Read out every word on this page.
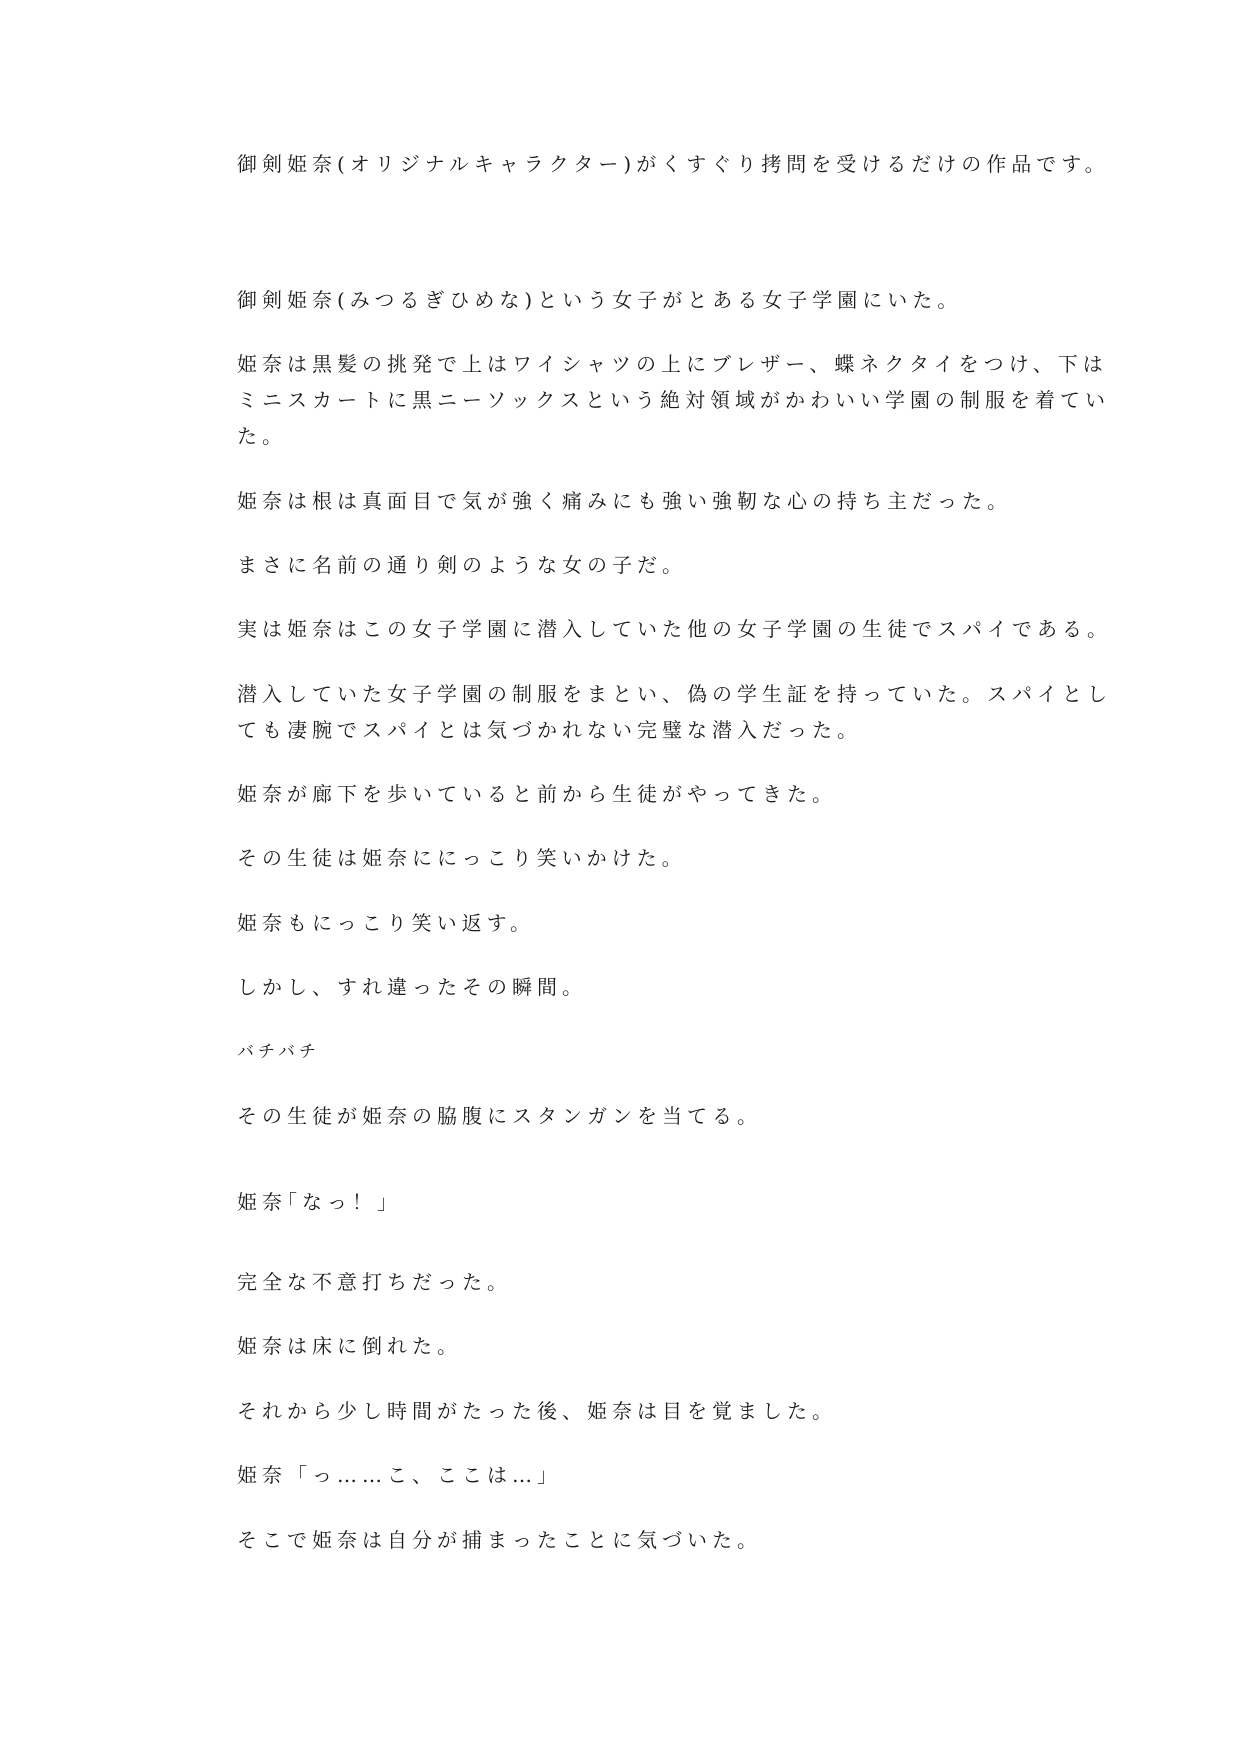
御剣姫奈(オリジナルキャラクター)がくすぐり拷問を受けるだけの作品です。
御剣姫奈(みつるぎひめな)という女子がとある女子学園にいた。
姫奈は黒髪の挑発で上はワイシャツの上にブレザー、蝶ネクタイをつけ、下は
ミニスカートに黒ニーソックスという絶対領域がかわいい学園の制服を着てい
た。
姫奈は根は真面目で気が強く痛みにも強い強靭な心の持ち主だった。
まさに名前の通り剣のような女の子だ。
実は姫奈はこの女子学園に潜入していた他の女子学園の生徒でスパイである。
潜入していた女子学園の制服をまとい、偽の学生証を持っていた。スパイとし
ても凄腕でスパイとは気づかれない完璧な潜入だった。
姫奈が廊下を歩いていると前から生徒がやってきた。
その生徒は姫奈ににっこり笑いかけた。
姫奈もにっこり笑い返す。
しかし、すれ違ったその瞬間。
バチバチ
その生徒が姫奈の脇腹にスタンガンを当てる。
姫奈｢なっ！｣
完全な不意打ちだった。
姫奈は床に倒れた。
それから少し時間がたった後、姫奈は目を覚ました。
姫奈「っ……こ、ここは…」
そこで姫奈は自分が捕まったことに気づいた。
